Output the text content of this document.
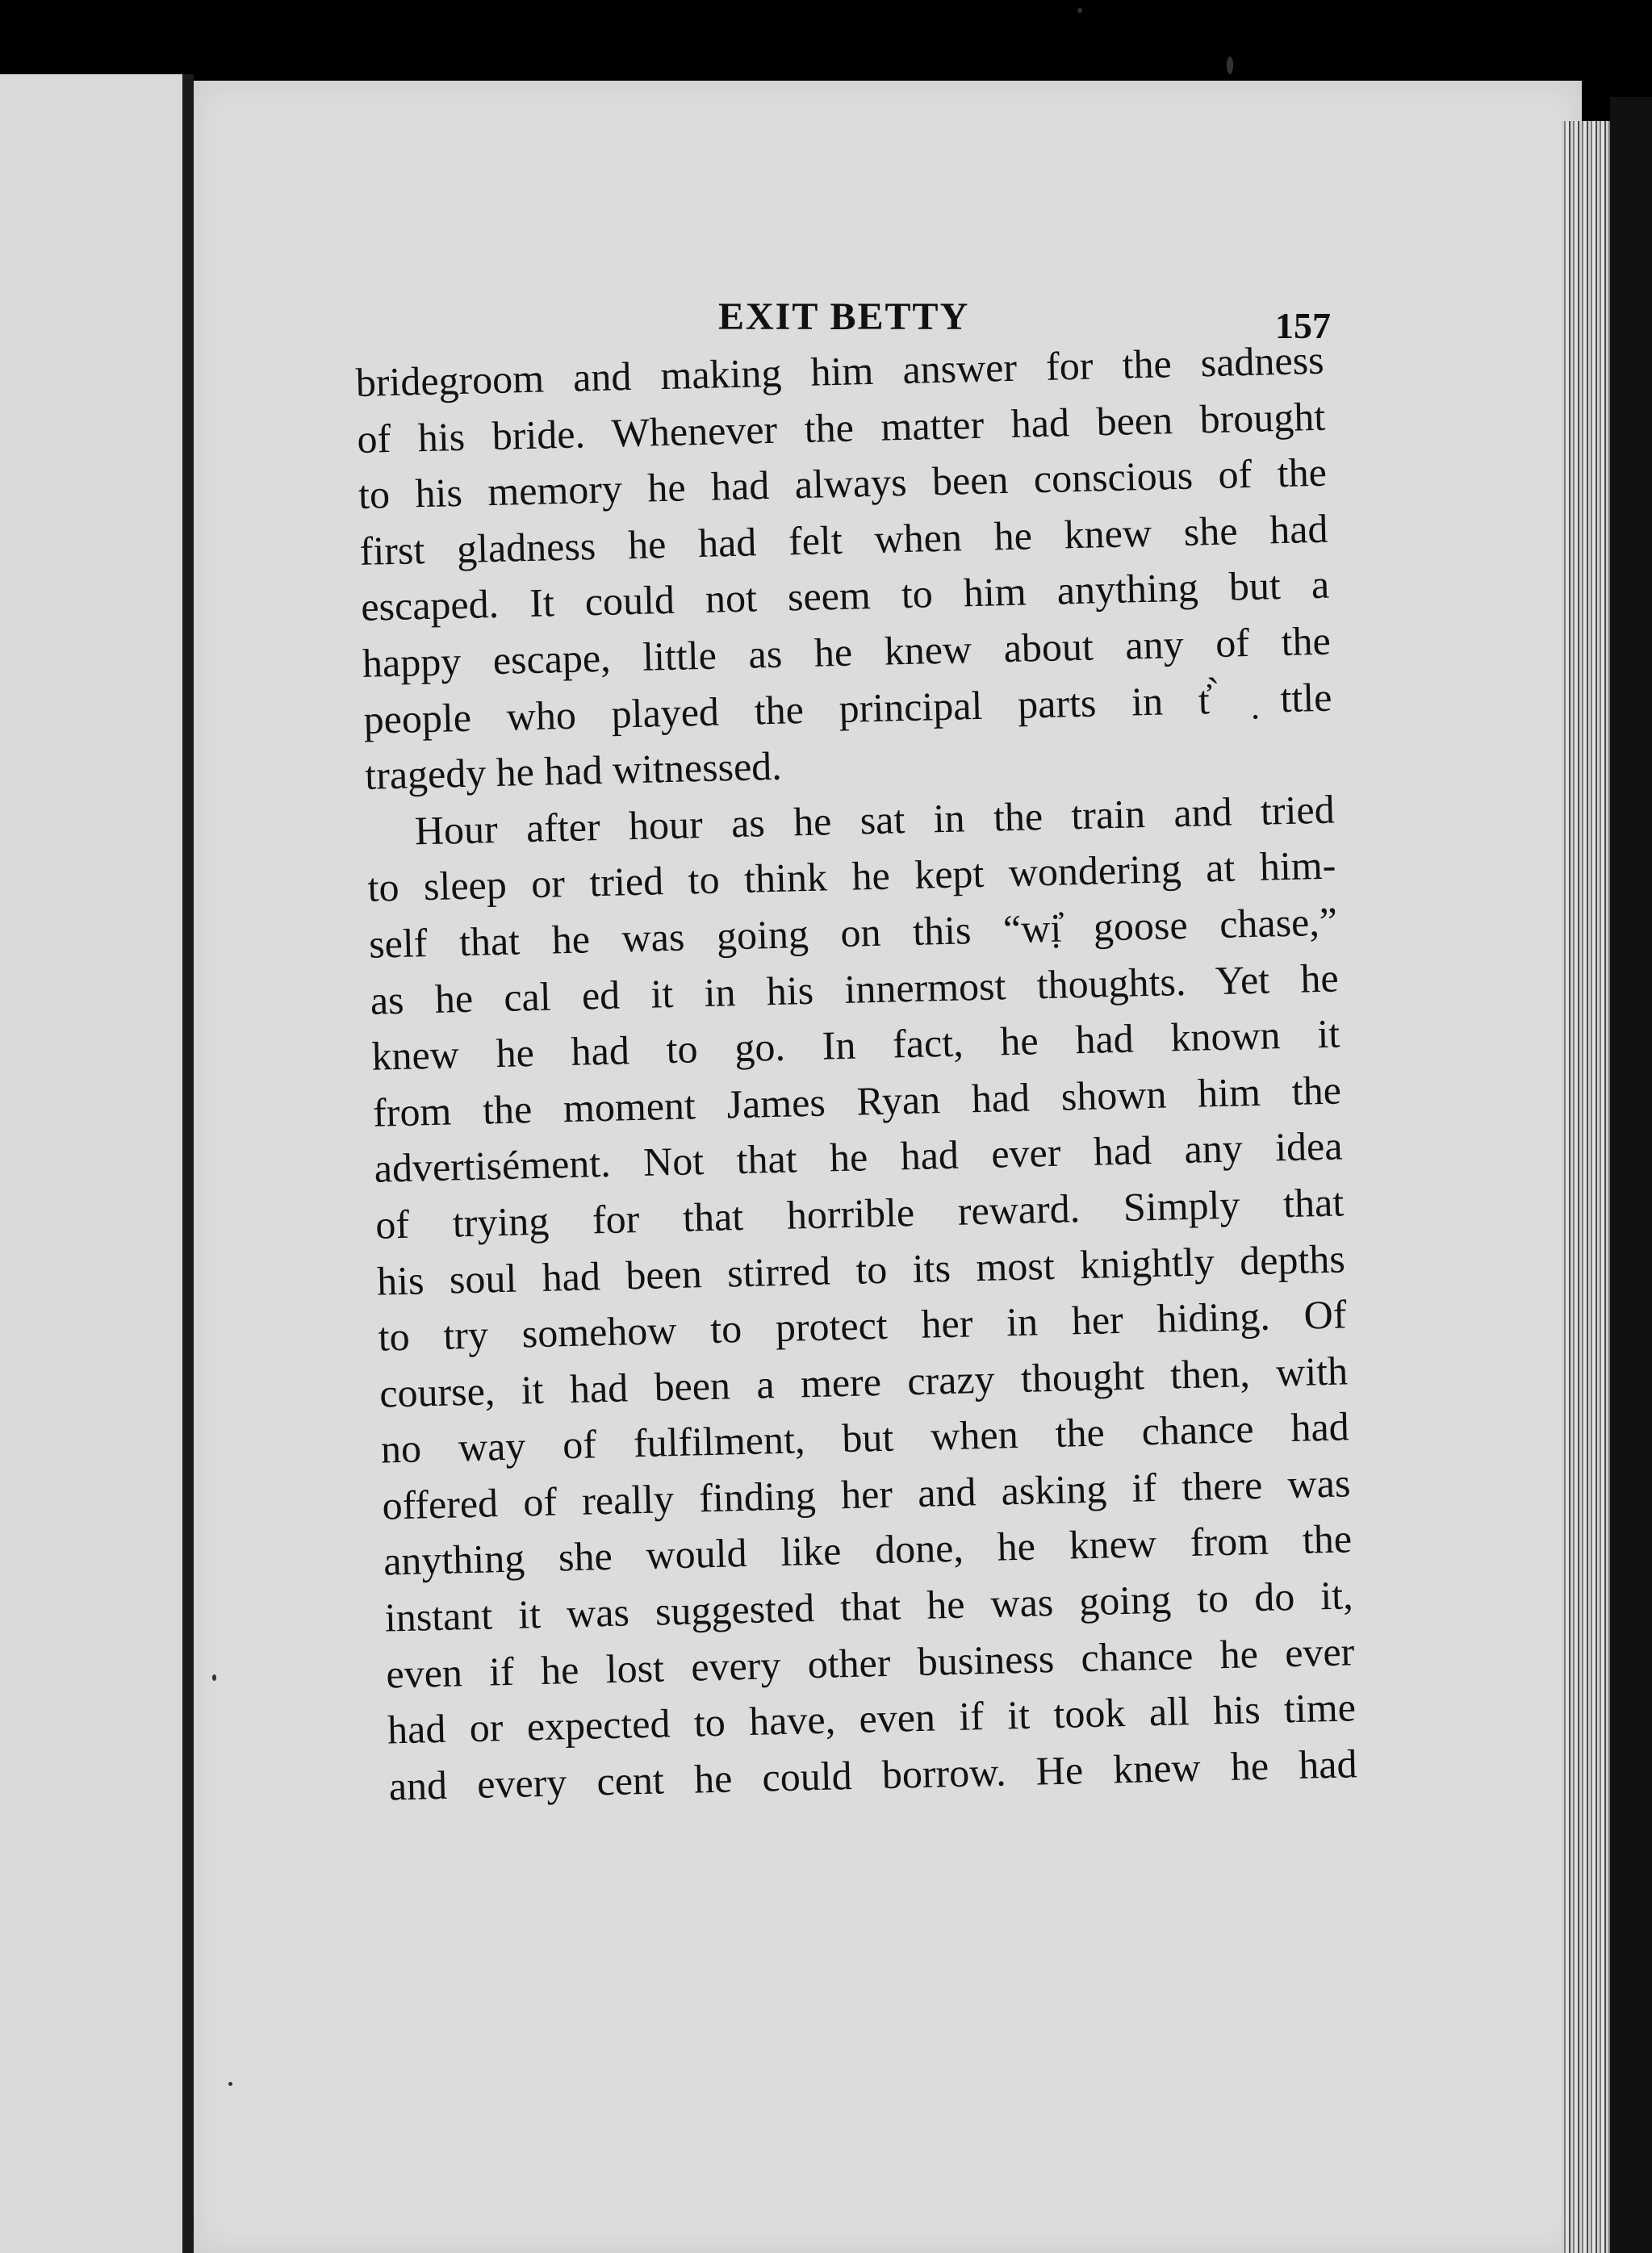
EXIT BETTY	157
bridegroom and making him answer for the sadness
of his bride. Whenever the matter had been brought
to his memory he had always been conscious of the
first gladness he had felt when he knew she had
escaped. It could not seem to him anything but a
happy escape, little as he knew about any of the
people who played the principal parts in t̓ ̀ ̣ttle
tragedy he had witnessed.
Hour after hour as he sat in the train and tried
to sleep or tried to think he kept wondering at him-
self that he was going on this “wị̓ goose chase,”
as he cal ed it in his innermost thoughts. Yet he
knew he had to go. In fact, he had known it
from the moment James Ryan had shown him the
advertisément. Not that he had ever had any idea
of trying for that horrible reward. Simply that
his soul had been stirred to its most knightly depths
to try somehow to protect her in her hiding. Of
course, it had been a mere crazy thought then, with
no way of fulfilment, but when the chance had
offered of really finding her and asking if there was
anything she would like done, he knew from the
instant it was suggested that he was going to do it,
even if he lost every other business chance he ever
had or expected to have, even if it took all his time
and every cent he could borrow. He knew he had
